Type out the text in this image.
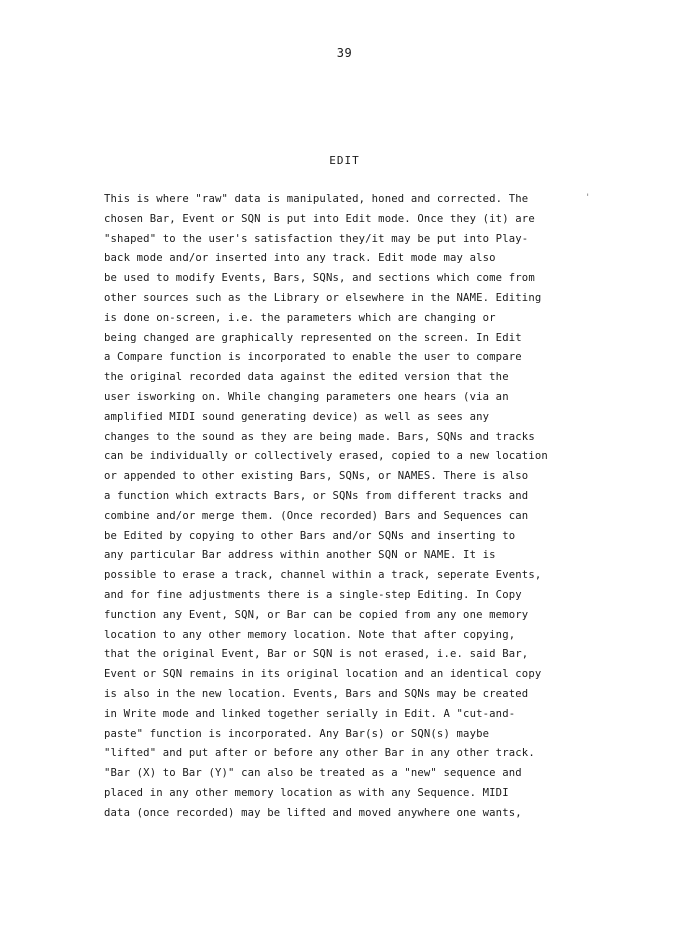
39
EDIT
'
This is where "raw" data is manipulated, honed and corrected. The
chosen Bar, Event or SQN is put into Edit mode. Once they (it) are
"shaped" to the user's satisfaction they/it may be put into Play-
back mode and/or inserted into any track. Edit mode may also
be used to modify Events, Bars, SQNs, and sections which come from
other sources such as the Library or elsewhere in the NAME. Editing
is done on-screen, i.e. the parameters which are changing or
being changed are graphically represented on the screen. In Edit
a Compare function is incorporated to enable the user to compare
the original recorded data against the edited version that the
user isworking on. While changing parameters one hears (via an
amplified MIDI sound generating device) as well as sees any
changes to the sound as they are being made. Bars, SQNs and tracks
can be individually or collectively erased, copied to a new location
or appended to other existing Bars, SQNs, or NAMES. There is also
a function which extracts Bars, or SQNs from different tracks and
combine and/or merge them. (Once recorded) Bars and Sequences can
be Edited by copying to other Bars and/or SQNs and inserting to
any particular Bar address within another SQN or NAME. It is
possible to erase a track, channel within a track, seperate Events,
and for fine adjustments there is a single-step Editing. In Copy
function any Event, SQN, or Bar can be copied from any one memory
location to any other memory location. Note that after copying,
that the original Event, Bar or SQN is not erased, i.e. said Bar,
Event or SQN remains in its original location and an identical copy
is also in the new location. Events, Bars and SQNs may be created
in Write mode and linked together serially in Edit. A "cut-and-
paste" function is incorporated. Any Bar(s) or SQN(s) maybe
"lifted" and put after or before any other Bar in any other track.
"Bar (X) to Bar (Y)" can also be treated as a "new" sequence and
placed in any other memory location as with any Sequence. MIDI
data (once recorded) may be lifted and moved anywhere one wants,
